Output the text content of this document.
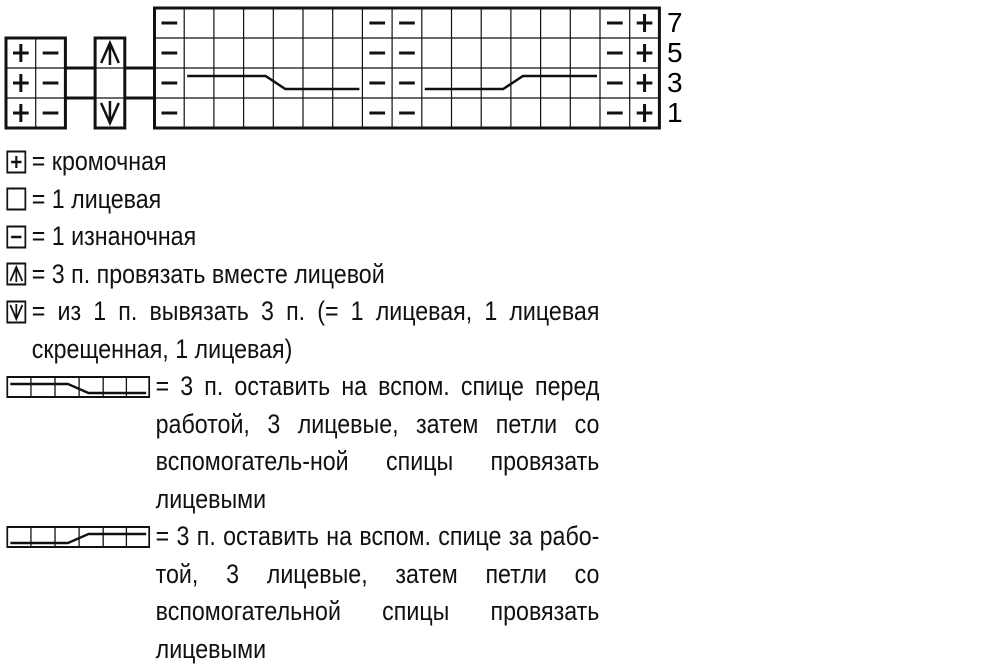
7
5
3
1
= кромочная
= 1 лицевая
= 1 изнаночная
= 3 п. провязать вместе лицевой
= из 1 п. вывязать 3 п. (= 1 лицевая, 1 лицевая скрещенная, 1 лицевая)
= 3 п. оставить на вспом. спице перед работой, 3 лицевые, затем петли со вспомогатель-ной спицы провязать лицевыми
= 3 п. оставить на вспом. спице за рабо-той, 3 лицевые, затем петли со вспомогательной спицы провязать лицевыми
